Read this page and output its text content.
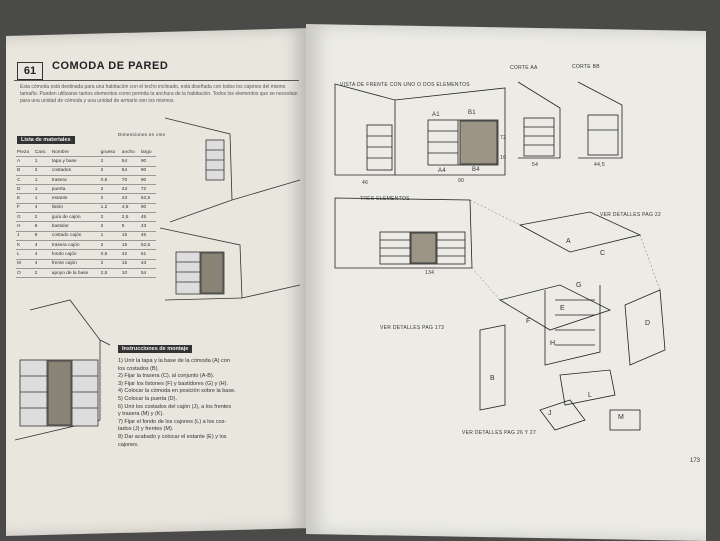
61	COMODA DE PARED
Esta cómoda está destinada para una habitación con el techo inclinado, está diseñada con todos los cajones del mismo tamaño. Pueden utilizarse tantos elementos como permita la anchura de la habitación. Todos los elementos que se necesitan para una unidad de cómoda y una unidad de armario son los mismos.
Lista de materiales
Dimensiones en cms
Pieza	Cant.	Nombre	grueso	ancho	largo
A	1	tapa y base	2	54	90
B	2	costados	2	54	90
C	1	trasera	0,6	70	90
D	1	puerta	2	43	72
E	1	estante	2	43	52,5
F	4	listón	1,2	4,5	90
G	2	guía de cajón	2	2,5	45
H	6	bastidor	2	5	43
J	8	costado cajón	1	15	45
K	4	trasera cajón	2	15	52,5
L	4	fondo cajón	0,6	42	51
M	4	frente cajón	2	15	43
O	2	apoyo de la base	2,5	10	54
Instrucciones de montaje
1) Unir la tapa y la base de la cómoda (A) con
los costados (B).
2) Fijar la trasera (C), al conjunto (A-B).
3) Fijar los listones (F) y bastidores (G) y (H).
4) Colocar la cómoda en posición sobre la base.
5) Colocar la puerta (D).
6) Unir los costados del cajón (J), a los frentes
y trasera (M) y (K).
7) Fijar el fondo de los cajones (L) a los cos-
tados (J) y frentes (M).
8) Dar acabado y colocar el estante (E) y los
cajones.
VISTA DE FRENTE CON UNO O DOS ELEMENTOS
CORTE AA	CORTE BB
TRES ELEMENTOS
VER DETALLES PAG 22
VER DETALLES PAG 173
VER DETALLES PAG 26 Y 27
46	90
134
10
72
54	44,5
A
B
C
D
E
F
G
H
J
L
M
A1	B1
A4	B4
173
